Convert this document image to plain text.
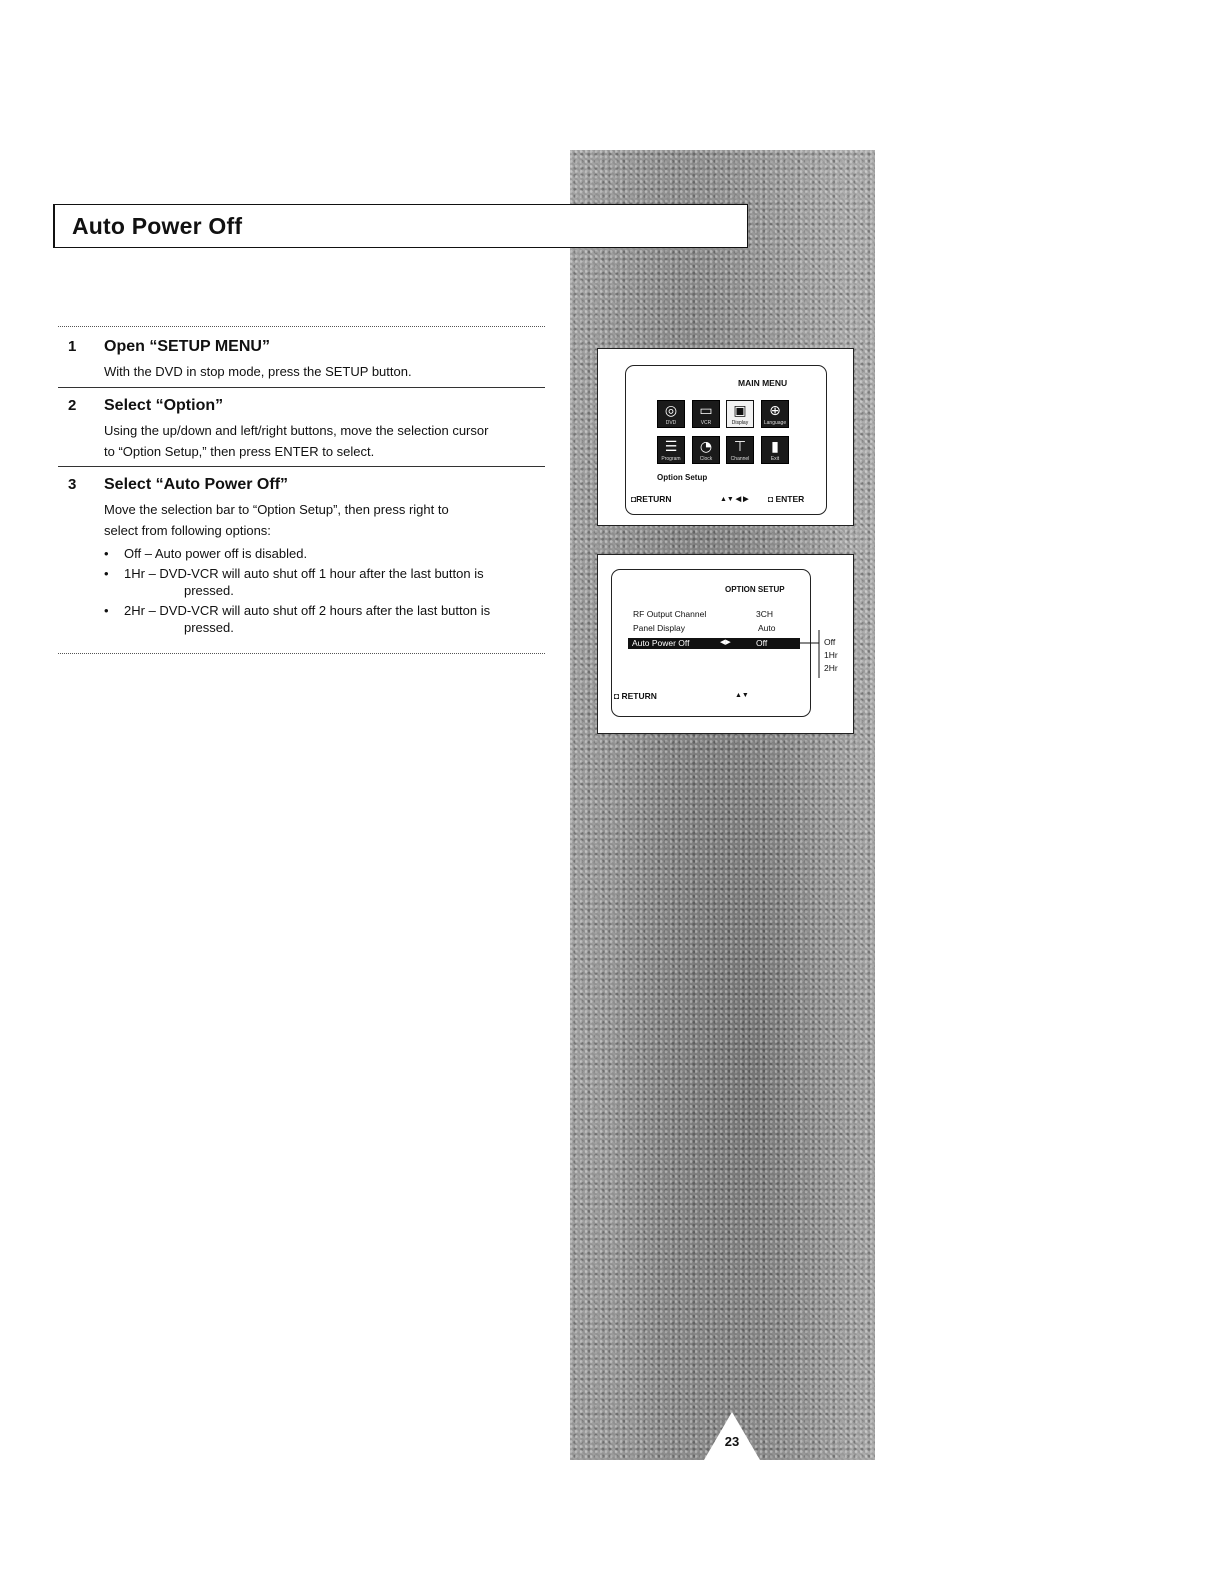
23
Auto Power Off
1 Open “SETUP MENU”
With the DVD in stop mode, press the SETUP button.
2 Select “Option”
Using the up/down and left/right buttons, move the selection cursor
to “Option Setup,” then press ENTER to select.
3 Select “Auto Power Off”
Move the selection bar to “Option Setup”, then press right to
select from following options:
• Off – Auto power off is disabled.
• 1Hr – DVD-VCR will auto shut off 1 hour after the last button is
pressed.
• 2Hr – DVD-VCR will auto shut off 2 hours after the last button is
pressed.
MAIN MENU
◎
DVD
▭
VCR
▣
Display
⊕
Language
☰
Program
◔
Clock
⊤
Channel
▮
Exit
Option Setup
◘RETURN	▲▼ ◀ ▶ ◘ ENTER
OPTION SETUP
RF Output Channel	3CH
Panel Display	Auto
Auto Power Off	◀▶	Off	Off
1Hr
2Hr
◘ RETURN	▲▼
